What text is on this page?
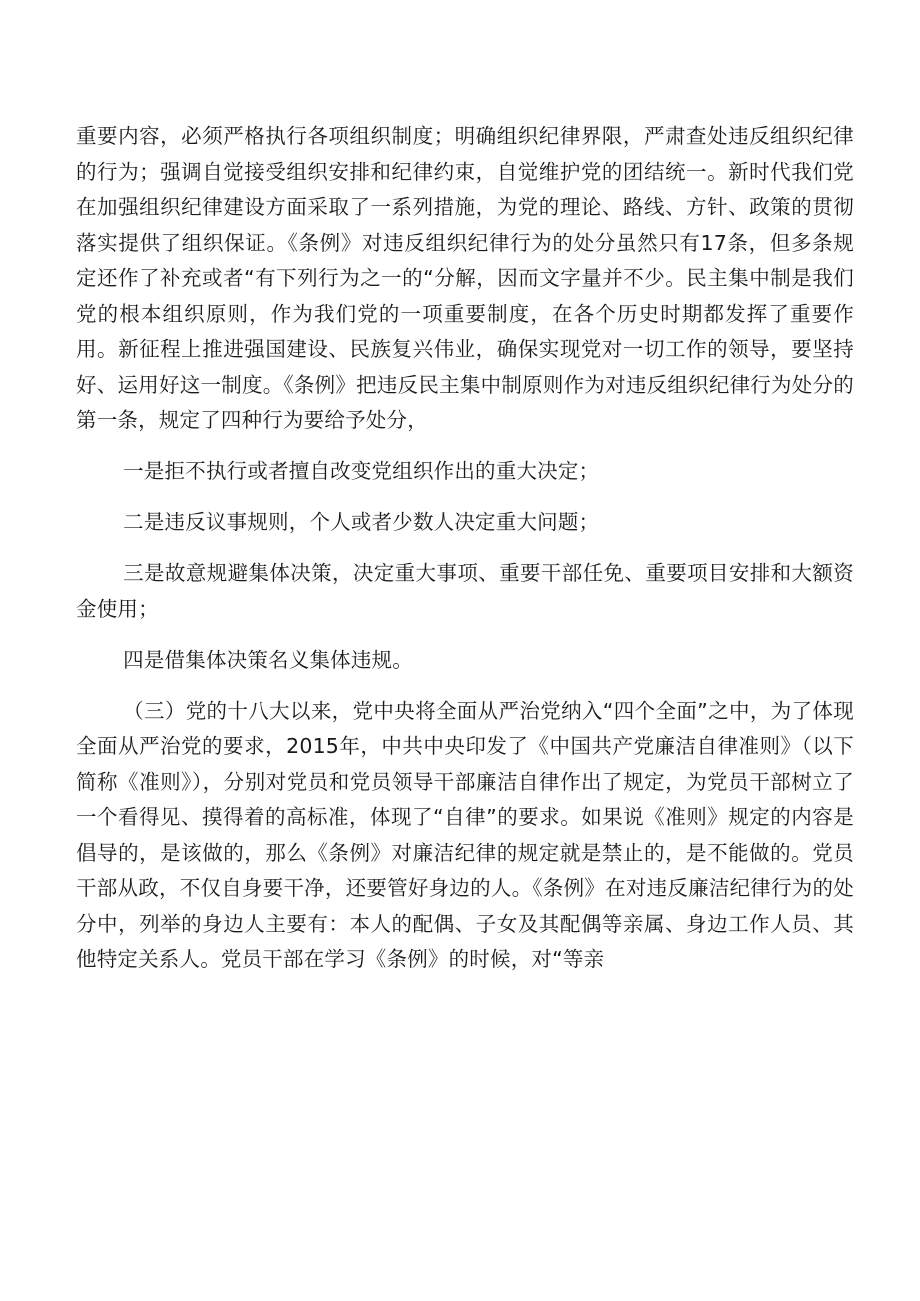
重要内容，必须严格执行各项组织制度；明确组织纪律界限，严肃查处违反组织纪律的行为；强调自觉接受组织安排和纪律约束，自觉维护党的团结统一。新时代我们党在加强组织纪律建设方面采取了一系列措施，为党的理论、路线、方针、政策的贯彻落实提供了组织保证。《条例》对违反组织纪律行为的处分虽然只有17条，但多条规定还作了补充或者“有下列行为之一的“分解，因而文字量并不少。民主集中制是我们党的根本组织原则，作为我们党的一项重要制度，在各个历史时期都发挥了重要作用。新征程上推进强国建设、民族复兴伟业，确保实现党对一切工作的领导，要坚持好、运用好这一制度。《条例》把违反民主集中制原则作为对违反组织纪律行为处分的第一条，规定了四种行为要给予处分，

一是拒不执行或者擅自改变党组织作出的重大决定；

二是违反议事规则，个人或者少数人决定重大问题；

三是故意规避集体决策，决定重大事项、重要干部任免、重要项目安排和大额资金使用；

四是借集体决策名义集体违规。

（三）党的十八大以来，党中央将全面从严治党纳入“四个全面”之中，为了体现全面从严治党的要求，2015年，中共中央印发了《中国共产党廉洁自律准则》（以下简称《准则》），分别对党员和党员领导干部廉洁自律作出了规定，为党员干部树立了一个看得见、摸得着的高标准，体现了“自律”的要求。如果说《准则》规定的内容是倡导的，是该做的，那么《条例》对廉洁纪律的规定就是禁止的，是不能做的。党员干部从政，不仅自身要干净，还要管好身边的人。《条例》在对违反廉洁纪律行为的处分中，列举的身边人主要有：本人的配偶、子女及其配偶等亲属、身边工作人员、其他特定关系人。党员干部在学习《条例》的时候，对“等亲
